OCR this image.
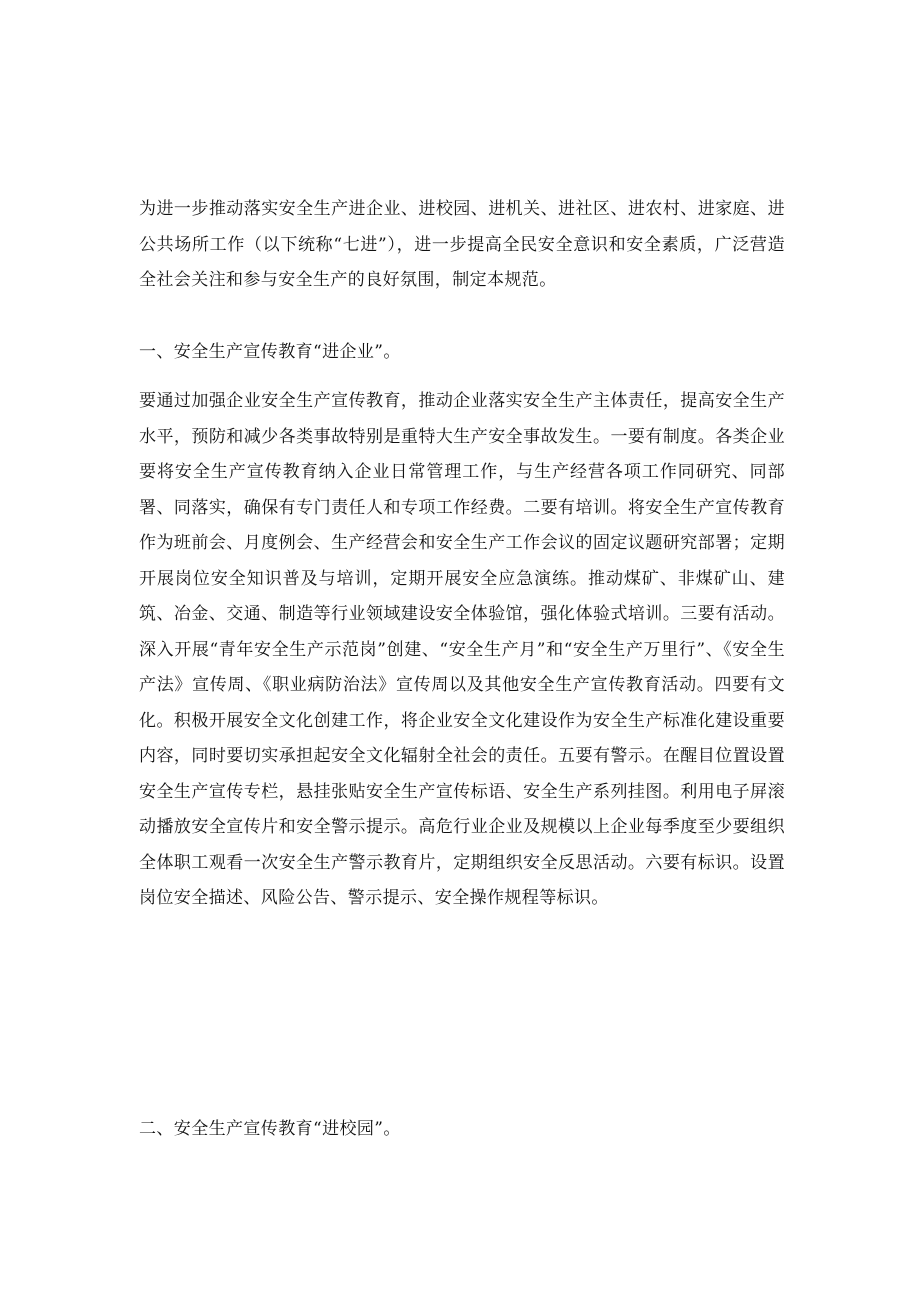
为进一步推动落实安全生产进企业、进校园、进机关、进社区、进农村、进家庭、进公共场所工作（以下统称“七进”），进一步提高全民安全意识和安全素质，广泛营造全社会关注和参与安全生产的良好氛围，制定本规范。

一、安全生产宣传教育“进企业”。

要通过加强企业安全生产宣传教育，推动企业落实安全生产主体责任，提高安全生产水平，预防和减少各类事故特别是重特大生产安全事故发生。一要有制度。各类企业要将安全生产宣传教育纳入企业日常管理工作，与生产经营各项工作同研究、同部署、同落实，确保有专门责任人和专项工作经费。二要有培训。将安全生产宣传教育作为班前会、月度例会、生产经营会和安全生产工作会议的固定议题研究部署；定期开展岗位安全知识普及与培训，定期开展安全应急演练。推动煤矿、非煤矿山、建筑、冶金、交通、制造等行业领域建设安全体验馆，强化体验式培训。三要有活动。深入开展“青年安全生产示范岗”创建、“安全生产月”和“安全生产万里行”、《安全生产法》宣传周、《职业病防治法》宣传周以及其他安全生产宣传教育活动。四要有文化。积极开展安全文化创建工作，将企业安全文化建设作为安全生产标准化建设重要内容，同时要切实承担起安全文化辐射全社会的责任。五要有警示。在醒目位置设置安全生产宣传专栏，悬挂张贴安全生产宣传标语、安全生产系列挂图。利用电子屏滚动播放安全宣传片和安全警示提示。高危行业企业及规模以上企业每季度至少要组织全体职工观看一次安全生产警示教育片，定期组织安全反思活动。六要有标识。设置岗位安全描述、风险公告、警示提示、安全操作规程等标识。

二、安全生产宣传教育“进校园”。
